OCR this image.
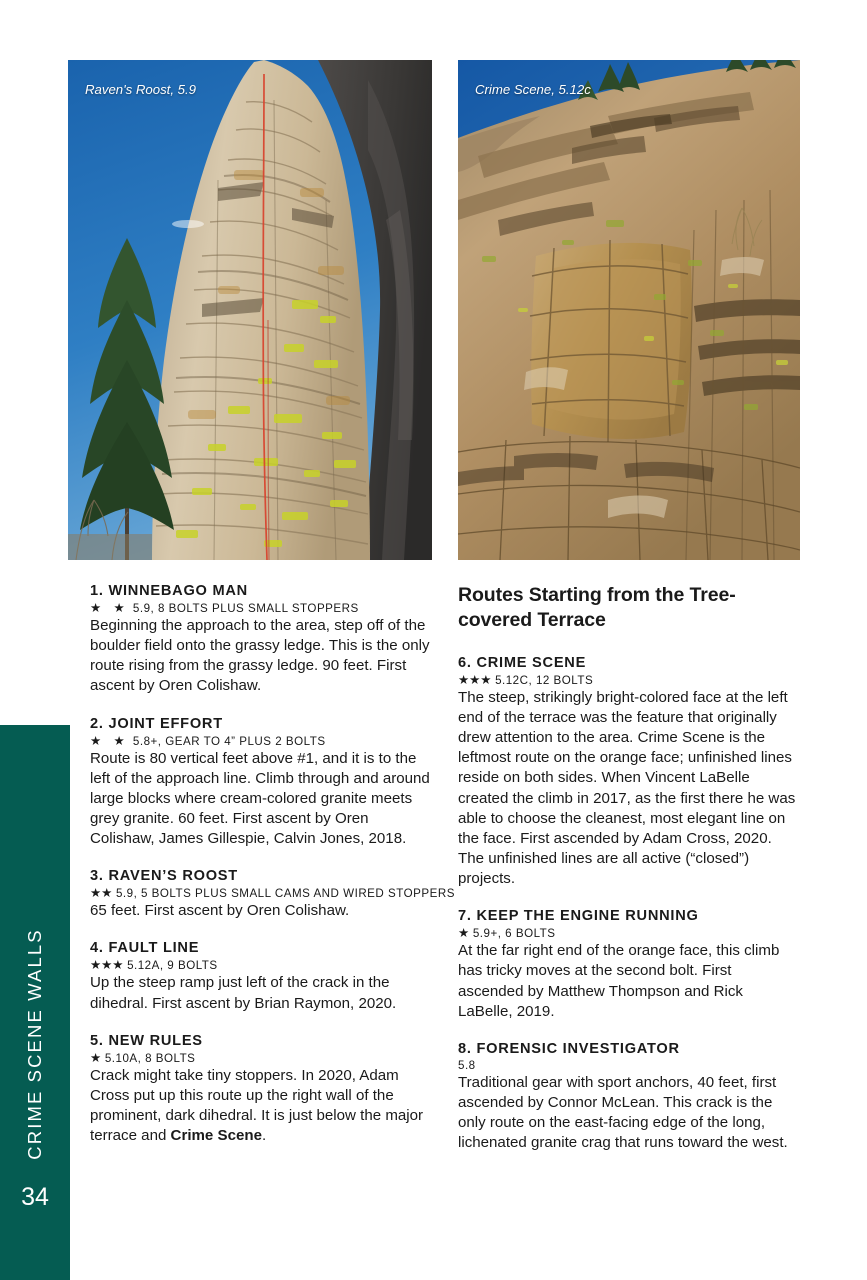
CRIME SCENE WALLS
34
Raven's Roost, 5.9	Crime Scene, 5.12c
1. WINNEBAGO MAN
★ ★ 5.9, 8 BOLTS PLUS SMALL STOPPERS
Beginning the approach to the area, step off of the boulder field onto the grassy ledge. This is the only route rising from the grassy ledge. 90 feet. First ascent by Oren Colishaw.
2. JOINT EFFORT
★ ★ 5.8+, GEAR TO 4” PLUS 2 BOLTS
Route is 80 vertical feet above #1, and it is to the left of the approach line. Climb through and around large blocks where cream-colored granite meets grey granite. 60 feet. First ascent by Oren Colishaw, James Gillespie, Calvin Jones, 2018.
3. RAVEN’S ROOST
★★ 5.9, 5 BOLTS PLUS SMALL CAMS AND WIRED STOPPERS
65 feet. First ascent by Oren Colishaw.
4. FAULT LINE
★★★ 5.12A, 9 BOLTS
Up the steep ramp just left of the crack in the dihedral. First ascent by Brian Raymon, 2020.
5. NEW RULES
★ 5.10A, 8 BOLTS
Crack might take tiny stoppers. In 2020, Adam Cross put up this route up the right wall of the prominent, dark dihedral. It is just below the major terrace and Crime Scene.
Routes Starting from the Tree-covered Terrace
6. CRIME SCENE
★★★ 5.12C, 12 BOLTS
The steep, strikingly bright-colored face at the left end of the terrace was the feature that originally drew attention to the area. Crime Scene is the leftmost route on the orange face; unfinished lines reside on both sides. When Vincent LaBelle created the climb in 2017, as the first there he was able to choose the cleanest, most elegant line on the face. First ascended by Adam Cross, 2020. The unfinished lines are all active (“closed”) projects.
7. KEEP THE ENGINE RUNNING
★ 5.9+, 6 BOLTS
At the far right end of the orange face, this climb has tricky moves at the second bolt. First ascended by Matthew Thompson and Rick LaBelle, 2019.
8. FORENSIC INVESTIGATOR
5.8
Traditional gear with sport anchors, 40 feet, first ascended by Connor McLean. This crack is the only route on the east-facing edge of the long, lichenated granite crag that runs toward the west.
